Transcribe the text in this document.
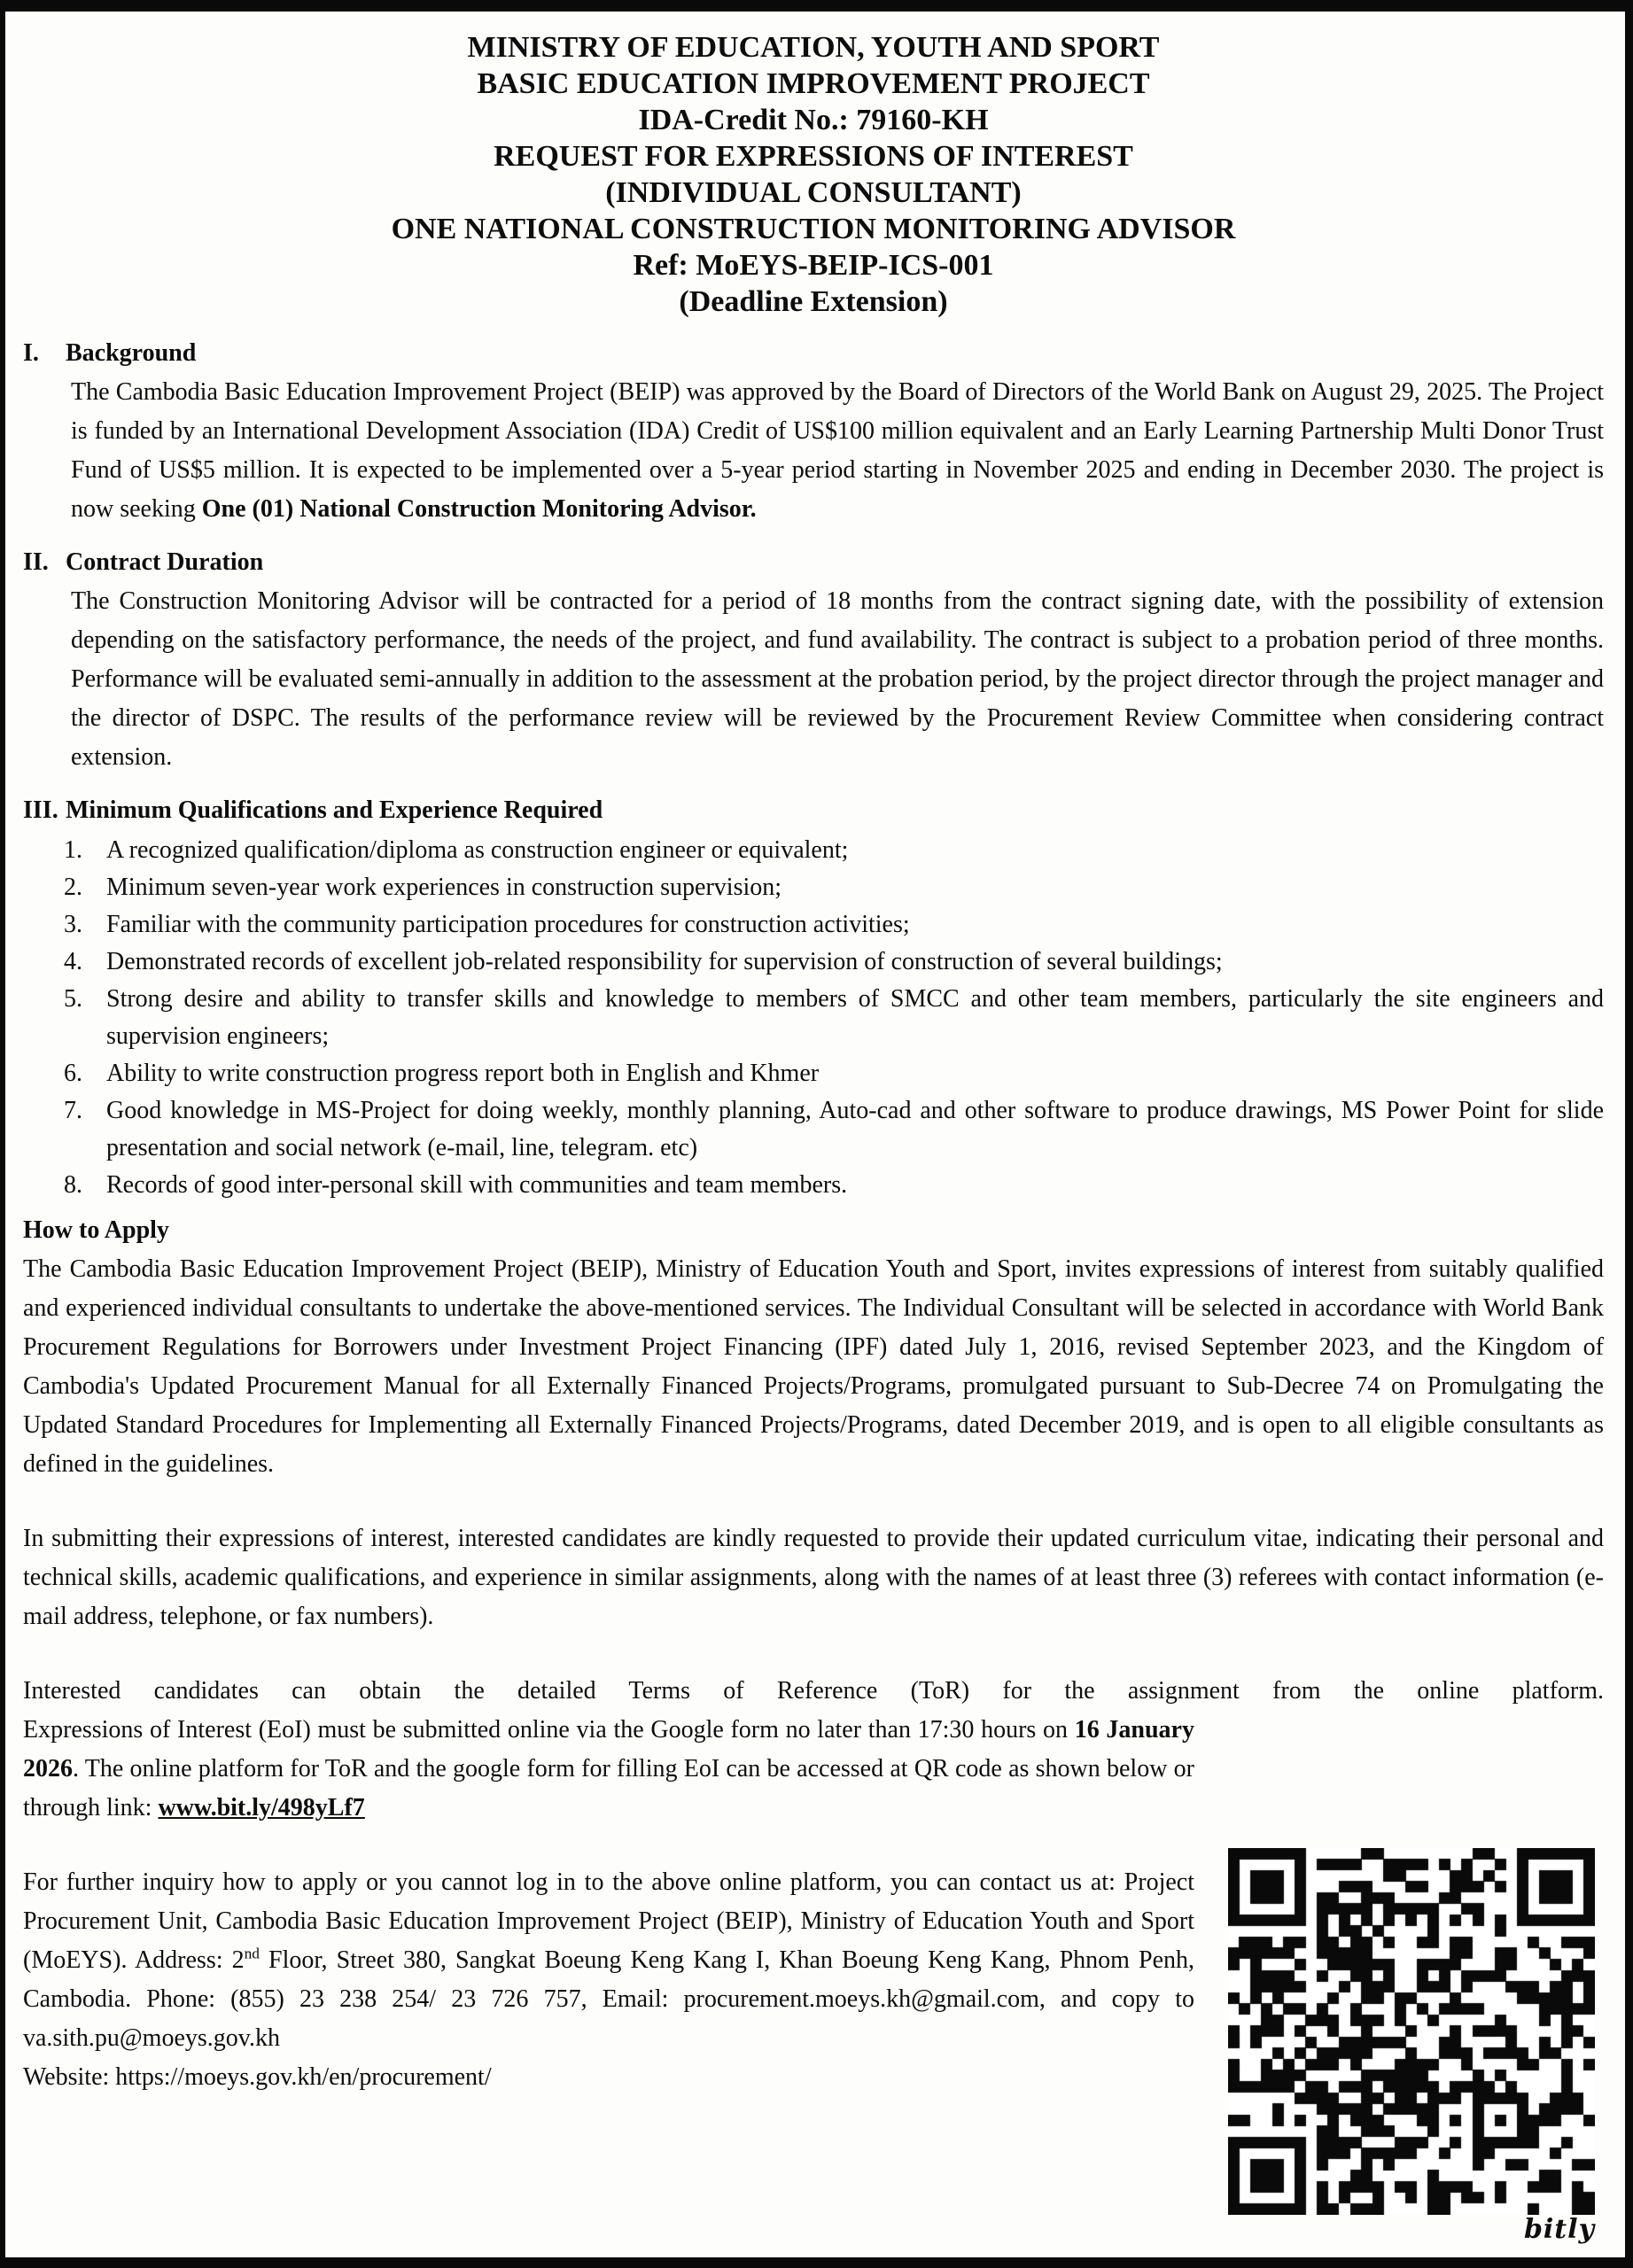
MINISTRY OF EDUCATION, YOUTH AND SPORT
BASIC EDUCATION IMPROVEMENT PROJECT
IDA-Credit No.: 79160-KH
REQUEST FOR EXPRESSIONS OF INTEREST
(INDIVIDUAL CONSULTANT)
ONE NATIONAL CONSTRUCTION MONITORING ADVISOR
Ref: MoEYS-BEIP-ICS-001
(Deadline Extension)
I. Background
The Cambodia Basic Education Improvement Project (BEIP) was approved by the Board of Directors of the World Bank on August 29, 2025. The Project is funded by an International Development Association (IDA) Credit of US$100 million equivalent and an Early Learning Partnership Multi Donor Trust Fund of US$5 million. It is expected to be implemented over a 5-year period starting in November 2025 and ending in December 2030. The project is now seeking One (01) National Construction Monitoring Advisor.
II. Contract Duration
The Construction Monitoring Advisor will be contracted for a period of 18 months from the contract signing date, with the possibility of extension depending on the satisfactory performance, the needs of the project, and fund availability. The contract is subject to a probation period of three months. Performance will be evaluated semi-annually in addition to the assessment at the probation period, by the project director through the project manager and the director of DSPC. The results of the performance review will be reviewed by the Procurement Review Committee when considering contract extension.
III. Minimum Qualifications and Experience Required
1. A recognized qualification/diploma as construction engineer or equivalent;
2. Minimum seven-year work experiences in construction supervision;
3. Familiar with the community participation procedures for construction activities;
4. Demonstrated records of excellent job-related responsibility for supervision of construction of several buildings;
5. Strong desire and ability to transfer skills and knowledge to members of SMCC and other team members, particularly the site engineers and supervision engineers;
6. Ability to write construction progress report both in English and Khmer
7. Good knowledge in MS-Project for doing weekly, monthly planning, Auto-cad and other software to produce drawings, MS Power Point for slide presentation and social network (e-mail, line, telegram. etc)
8. Records of good inter-personal skill with communities and team members.
How to Apply
The Cambodia Basic Education Improvement Project (BEIP), Ministry of Education Youth and Sport, invites expressions of interest from suitably qualified and experienced individual consultants to undertake the above-mentioned services. The Individual Consultant will be selected in accordance with World Bank Procurement Regulations for Borrowers under Investment Project Financing (IPF) dated July 1, 2016, revised September 2023, and the Kingdom of Cambodia's Updated Procurement Manual for all Externally Financed Projects/Programs, promulgated pursuant to Sub-Decree 74 on Promulgating the Updated Standard Procedures for Implementing all Externally Financed Projects/Programs, dated December 2019, and is open to all eligible consultants as defined in the guidelines.
In submitting their expressions of interest, interested candidates are kindly requested to provide their updated curriculum vitae, indicating their personal and technical skills, academic qualifications, and experience in similar assignments, along with the names of at least three (3) referees with contact information (e-mail address, telephone, or fax numbers).
Interested candidates can obtain the detailed Terms of Reference (ToR) for the assignment from the online platform.
Expressions of Interest (EoI) must be submitted online via the Google form no later than 17:30 hours on 16 January 2026. The online platform for ToR and the google form for filling EoI can be accessed at QR code as shown below or through link: www.bit.ly/498yLf7
For further inquiry how to apply or you cannot log in to the above online platform, you can contact us at: Project Procurement Unit, Cambodia Basic Education Improvement Project (BEIP), Ministry of Education Youth and Sport (MoEYS). Address: 2nd Floor, Street 380, Sangkat Boeung Keng Kang I, Khan Boeung Keng Kang, Phnom Penh, Cambodia. Phone: (855) 23 238 254/ 23 726 757, Email: procurement.moeys.kh@gmail.com, and copy to va.sith.pu@moeys.gov.kh
Website: https://moeys.gov.kh/en/procurement/
bitly
